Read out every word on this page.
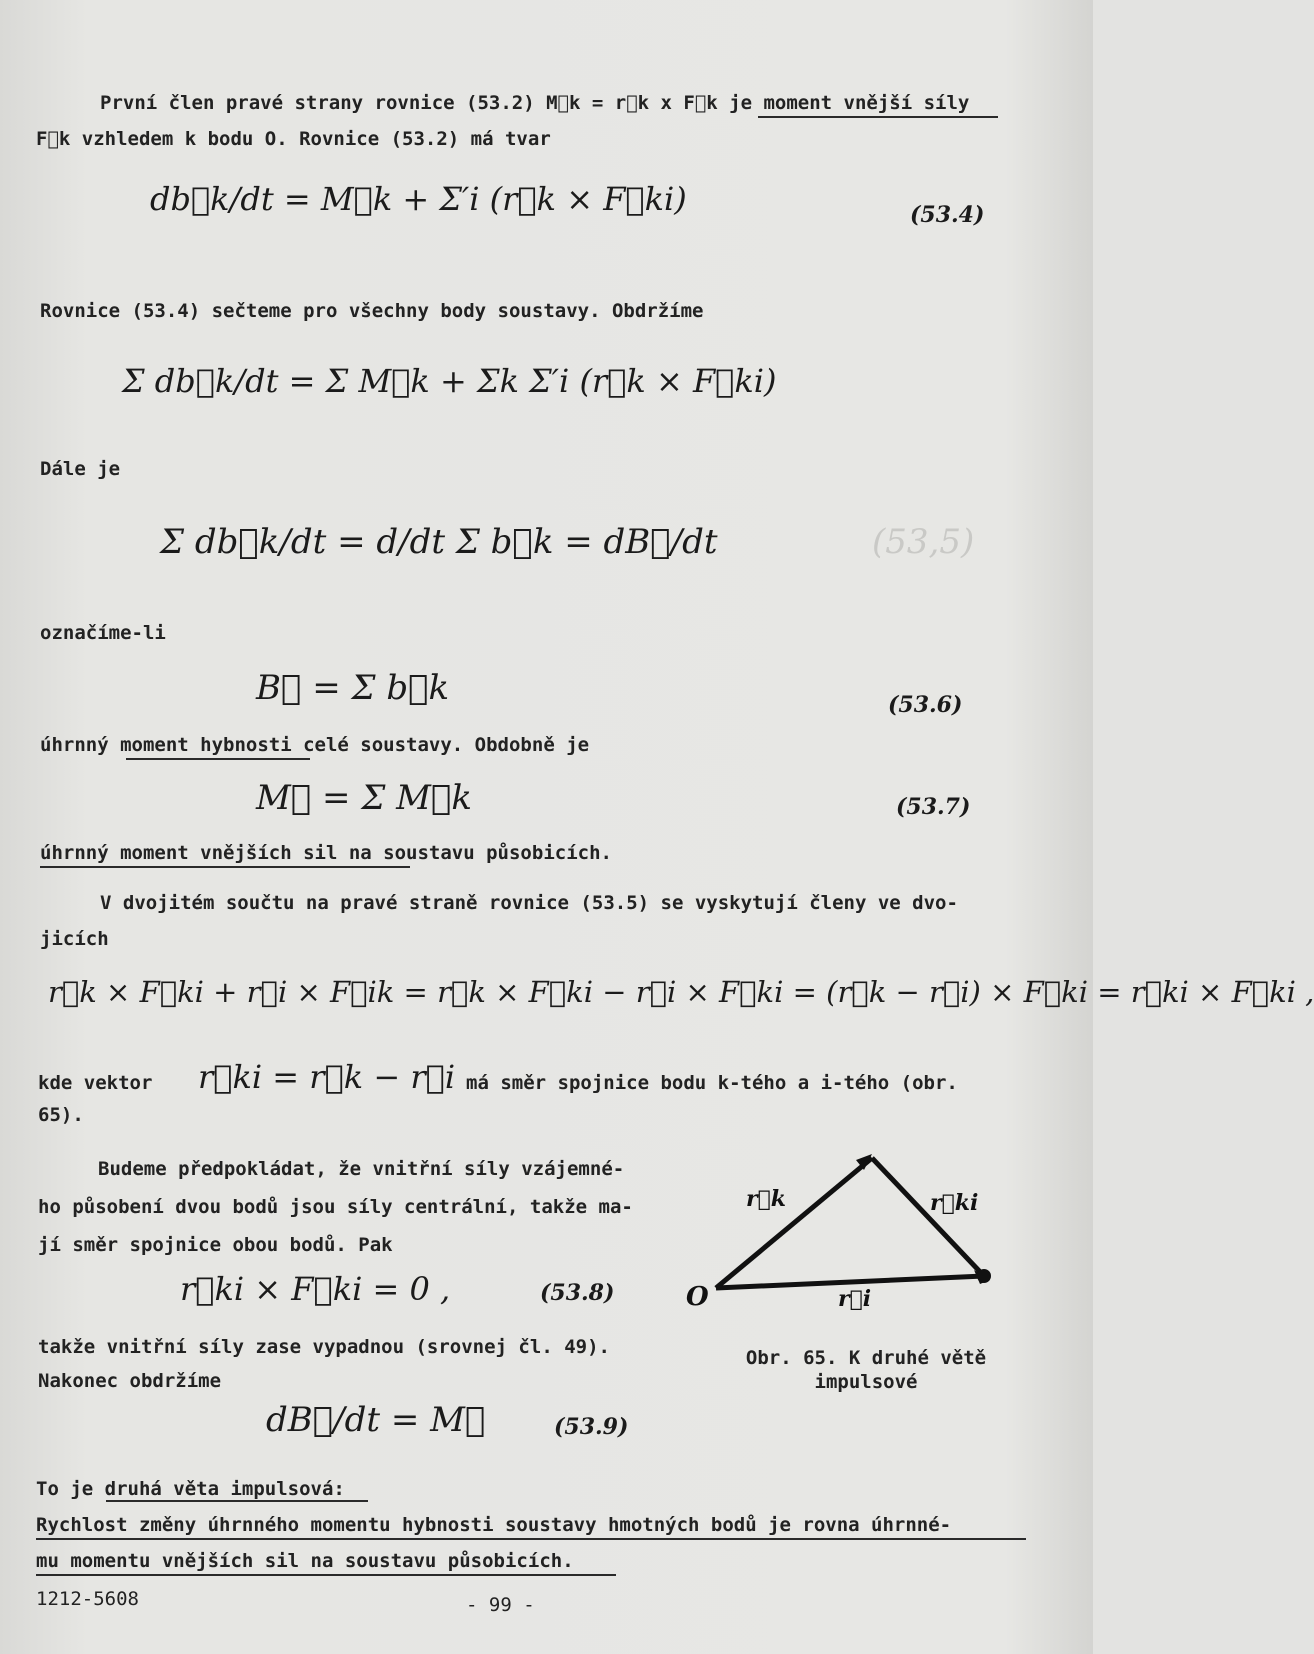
První člen pravé strany rovnice (53.2) M⃗k = r⃗k x F⃗k je moment vnější síly
F⃗k vzhledem k bodu O. Rovnice (53.2) má tvar
db⃗k/dt = M⃗k + Σ′i (r⃗k × F⃗ki)	(53.4)
Rovnice (53.4) sečteme pro všechny body soustavy. Obdržíme
Σ db⃗k/dt = Σ M⃗k + Σk Σ′i (r⃗k × F⃗ki)
Dále je
Σ db⃗k/dt = d/dt Σ b⃗k = dB⃗/dt	(53,5)
označíme-li
B⃗ = Σ b⃗k	(53.6)
úhrnný moment hybnosti celé soustavy. Obdobně je
M⃗ = Σ M⃗k	(53.7)
úhrnný moment vnějších sil na soustavu působicích.
V dvojitém součtu na pravé straně rovnice (53.5) se vyskytují členy ve dvo-
jicích
r⃗k × F⃗ki + r⃗i × F⃗ik = r⃗k × F⃗ki − r⃗i × F⃗ki = (r⃗k − r⃗i) × F⃗ki = r⃗ki × F⃗ki ,
kde vektor r⃗ki = r⃗k − r⃗i má směr spojnice bodu k-tého a i-tého (obr.
65).
Budeme předpokládat, že vnitřní síly vzájemné-
ho působení dvou bodů jsou síly centrální, takže ma-
jí směr spojnice obou bodů. Pak
r⃗ki × F⃗ki = 0 ,	(53.8)
takže vnitřní síly zase vypadnou (srovnej čl. 49).
Nakonec obdržíme
dB⃗/dt = M⃗	(53.9)
O
r⃗k	r⃗ki
r⃗i
Obr. 65. K druhé větě
impulsové
To je druhá věta impulsová:
Rychlost změny úhrnného momentu hybnosti soustavy hmotných bodů je rovna úhrnné-
mu momentu vnějších sil na soustavu působicích.
1212-5608	- 99 -
